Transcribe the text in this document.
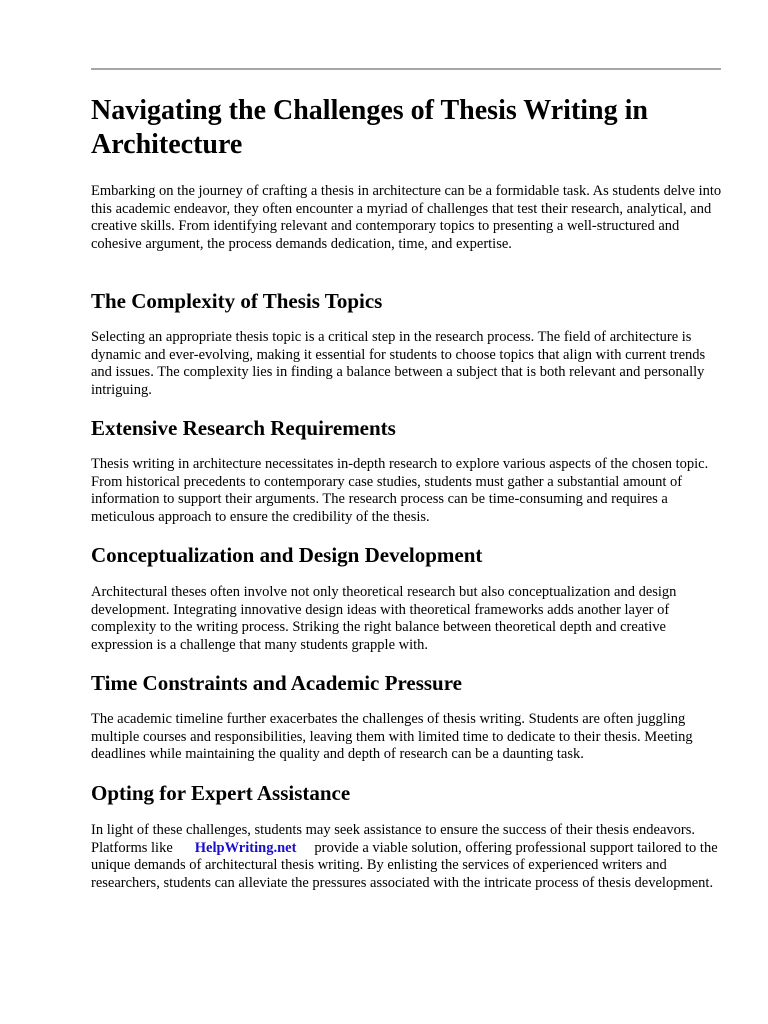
Navigating the Challenges of Thesis Writing in Architecture

Embarking on the journey of crafting a thesis in architecture can be a formidable task. As students delve into this academic endeavor, they often encounter a myriad of challenges that test their research, analytical, and creative skills. From identifying relevant and contemporary topics to presenting a well-structured and cohesive argument, the process demands dedication, time, and expertise.

The Complexity of Thesis Topics

Selecting an appropriate thesis topic is a critical step in the research process. The field of architecture is dynamic and ever-evolving, making it essential for students to choose topics that align with current trends and issues. The complexity lies in finding a balance between a subject that is both relevant and personally intriguing.

Extensive Research Requirements

Thesis writing in architecture necessitates in-depth research to explore various aspects of the chosen topic. From historical precedents to contemporary case studies, students must gather a substantial amount of information to support their arguments. The research process can be time-consuming and requires a meticulous approach to ensure the credibility of the thesis.

Conceptualization and Design Development

Architectural theses often involve not only theoretical research but also conceptualization and design development. Integrating innovative design ideas with theoretical frameworks adds another layer of complexity to the writing process. Striking the right balance between theoretical depth and creative expression is a challenge that many students grapple with.

Time Constraints and Academic Pressure

The academic timeline further exacerbates the challenges of thesis writing. Students are often juggling multiple courses and responsibilities, leaving them with limited time to dedicate to their thesis. Meeting deadlines while maintaining the quality and depth of research can be a daunting task.

Opting for Expert Assistance

In light of these challenges, students may seek assistance to ensure the success of their thesis endeavors. Platforms like HelpWriting.net provide a viable solution, offering professional support tailored to the unique demands of architectural thesis writing. By enlisting the services of experienced writers and researchers, students can alleviate the pressures associated with the intricate process of thesis development.
